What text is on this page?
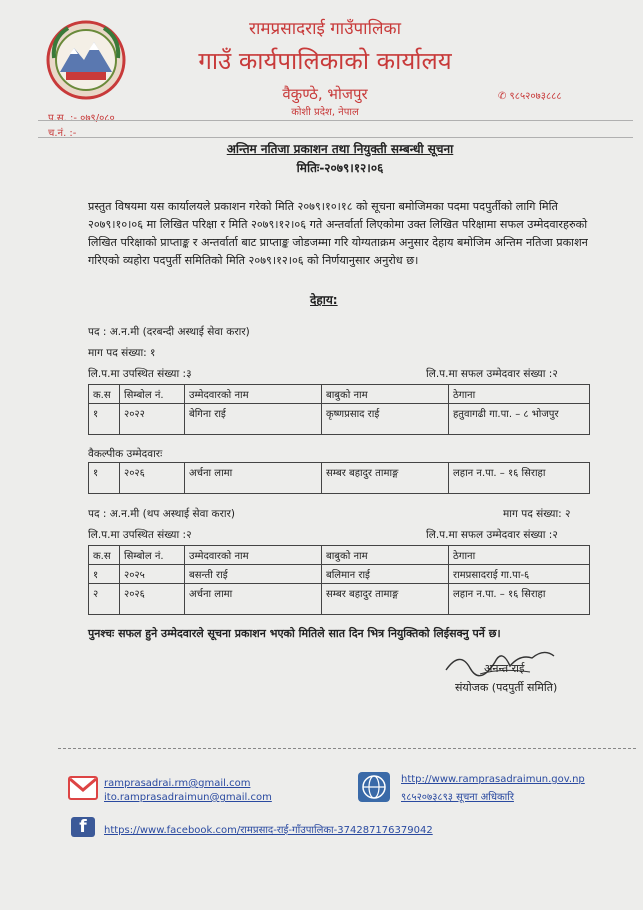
रामप्रसादराई गाउँपालिका
गाउँ कार्यपालिकाको कार्यालय
वैकुण्ठे, भोजपुर
कोशी प्रदेश, नेपाल
✆ ९८५२०७३८८८
प.स. :- ०७९/०८०
च.नं. :-
अन्तिम नतिजा प्रकाशन तथा नियुक्ती सम्बन्धी सूचना
मितिः-२०७९।१२।०६
प्रस्तुत विषयमा यस कार्यालयले प्रकाशन गरेको मिति २०७९।१०।१८ को सूचना बमोजिमका पदमा पदपुर्तीको लागि मिति २०७९।१०।०६ मा लिखित परिक्षा र मिति २०७९।१२।०६ गते अन्तर्वार्ता लिएकोमा उक्त लिखित परिक्षामा सफल उम्मेदवारहरुको लिखित परिक्षाको प्राप्ताङ्क र अन्तर्वार्ता बाट प्राप्ताङ्क जोडजम्मा गरि योग्यताक्रम अनुसार देहाय बमोजिम अन्तिम नतिजा प्रकाशन गरिएको व्यहोरा पदपुर्ती समितिको मिति २०७९।१२।०६ को निर्णयानुसार अनुरोध छ।
देहाय:
पद : अ.न.मी (दरबन्दी अस्थाई सेवा करार)
माग पद संख्या: १
लि.प.मा उपस्थित संख्या :३	लि.प.मा सफल उम्मेदवार संख्या :२
क.स	सिम्बोल नं.	उम्मेदवारको नाम	बाबुको नाम	ठेगाना
१	२०२२	बेगिना राई	कृष्णप्रसाद राई	हतुवागढी गा.पा. – ८ भोजपुर
वैकल्पीक उम्मेदवारः
१	२०२६	अर्चना लामा	सम्बर बहादुर तामाङ्ग	लहान न.पा. – १६ सिराहा
पद : अ.न.मी (थप अस्थाई सेवा करार)	माग पद संख्या: २
लि.प.मा उपस्थित संख्या :२	लि.प.मा सफल उम्मेदवार संख्या :२
क.स	सिम्बोल नं.	उम्मेदवारको नाम	बाबुको नाम	ठेगाना
१	२०२५	बसन्ती राई	बलिमान राई	रामप्रसादराई गा.पा-६
२	२०२६	अर्चना लामा	सम्बर बहादुर तामाङ्ग	लहान न.पा. – १६ सिराहा
पुनश्चः सफल हुने उम्मेदवारले सूचना प्रकाशन भएको मितिले सात दिन भित्र नियुक्तिको लिईसक्नु पर्ने छ।
अनन्त राई
संयोजक (पदपुर्ती समिति)
ramprasadrai.rm@gmail.com
ito.ramprasadraimun@gmail.com
http://www.ramprasadraimun.gov.np
९८५२०७३८९३ सूचना अधिकारि
f	https://www.facebook.com/रामप्रसाद-राई-गाँउपालिका-374287176379042
